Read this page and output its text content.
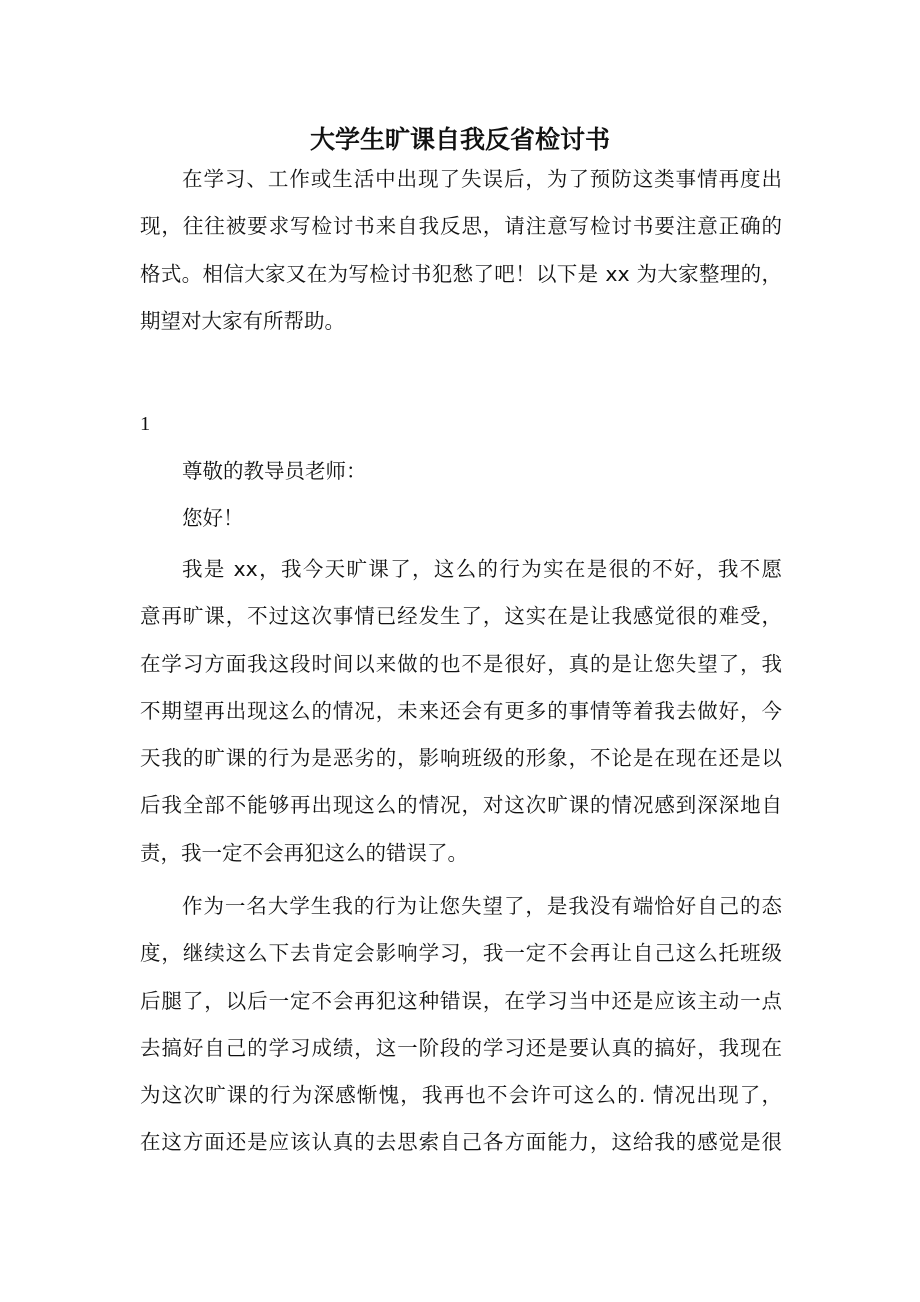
大学生旷课自我反省检讨书
在学习、工作或生活中出现了失误后，为了预防这类事情再度出
现，往往被要求写检讨书来自我反思，请注意写检讨书要注意正确的
格式。相信大家又在为写检讨书犯愁了吧！以下是 xx 为大家整理的，
期望对大家有所帮助。
1
尊敬的教导员老师：
您好！
我是 xx，我今天旷课了，这么的行为实在是很的不好，我不愿
意再旷课，不过这次事情已经发生了，这实在是让我感觉很的难受，
在学习方面我这段时间以来做的也不是很好，真的是让您失望了，我
不期望再出现这么的情况，未来还会有更多的事情等着我去做好，今
天我的旷课的行为是恶劣的，影响班级的形象，不论是在现在还是以
后我全部不能够再出现这么的情况，对这次旷课的情况感到深深地自
责，我一定不会再犯这么的错误了。
作为一名大学生我的行为让您失望了，是我没有端恰好自己的态
度，继续这么下去肯定会影响学习，我一定不会再让自己这么托班级
后腿了，以后一定不会再犯这种错误，在学习当中还是应该主动一点
去搞好自己的学习成绩，这一阶段的学习还是要认真的搞好，我现在
为这次旷课的行为深感惭愧，我再也不会许可这么的. 情况出现了，
在这方面还是应该认真的去思索自己各方面能力，这给我的感觉是很
